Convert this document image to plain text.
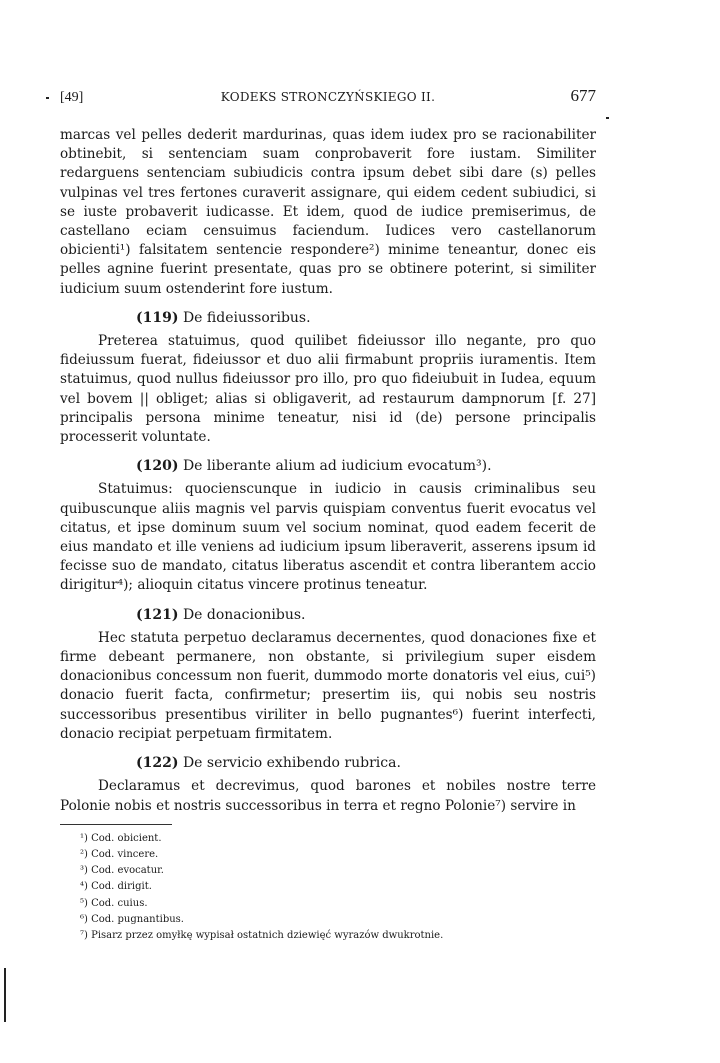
[49]	KODEKS STRONCZYŃSKIEGO II.	677

marcas vel pelles dederit mardurinas, quas idem iudex pro se racionabiliter obtinebit, si sentenciam suam conprobaverit fore iustam. Similiter redarguens sentenciam subiudicis contra ipsum debet sibi dare (s) pelles vulpinas vel tres fertones curaverit assignare, qui eidem cedent subiudici, si se iuste probaverit iudicasse. Et idem, quod de iudice premiserimus, de castellano eciam censuimus faciendum. Iudices vero castellanorum obicienti¹) falsitatem sentencie respondere²) minime teneantur, donec eis pelles agnine fuerint presentate, quas pro se obtinere poterint, si similiter iudicium suum ostenderint fore iustum.

(119) De fideiussoribus.

Preterea statuimus, quod quilibet fideiussor illo negante, pro quo fideiussum fuerat, fideiussor et duo alii firmabunt propriis iuramentis. Item statuimus, quod nullus fideiussor pro illo, pro quo fideiubuit in Iudea, equum vel bovem || obliget; alias si obligaverit, ad restaurum dampnorum [f. 27] principalis persona minime teneatur, nisi id (de) persone principalis processerit voluntate.

(120) De liberante alium ad iudicium evocatum³).

Statuimus: quocienscunque in iudicio in causis criminalibus seu quibuscunque aliis magnis vel parvis quispiam conventus fuerit evocatus vel citatus, et ipse dominum suum vel socium nominat, quod eadem fecerit de eius mandato et ille veniens ad iudicium ipsum liberaverit, asserens ipsum id fecisse suo de mandato, citatus liberatus ascendit et contra liberantem accio dirigitur⁴); alioquin citatus vincere protinus teneatur.

(121) De donacionibus.

Hec statuta perpetuo declaramus decernentes, quod donaciones fixe et firme debeant permanere, non obstante, si privilegium super eisdem donacionibus concessum non fuerit, dummodo morte donatoris vel eius, cui⁵) donacio fuerit facta, confirmetur; presertim iis, qui nobis seu nostris successoribus presentibus viriliter in bello pugnantes⁶) fuerint interfecti, donacio recipiat perpetuam firmitatem.

(122) De servicio exhibendo rubrica.

Declaramus et decrevimus, quod barones et nobiles nostre terre Polonie nobis et nostris successoribus in terra et regno Polonie⁷) servire in

¹) Cod. obicient.
²) Cod. vincere.
³) Cod. evocatur.
⁴) Cod. dirigit.
⁵) Cod. cuius.
⁶) Cod. pugnantibus.
⁷) Pisarz przez omyłkę wypisał ostatnich dziewięć wyrazów dwukrotnie.
